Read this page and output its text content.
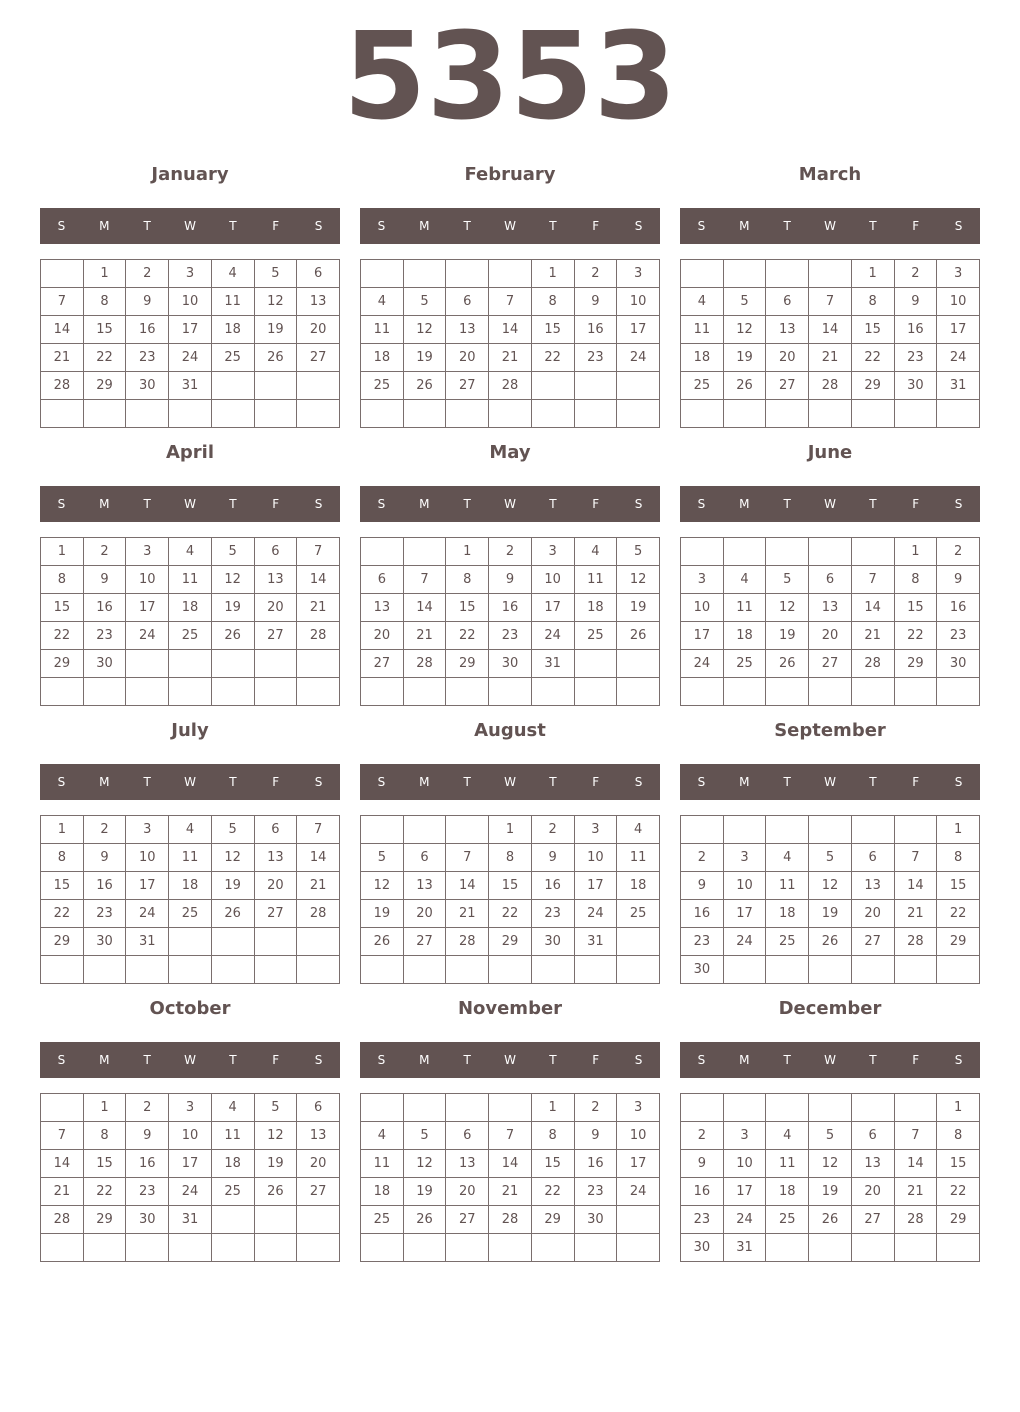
5353
January
S	M	T	W	T	F	S
	1	2	3	4	5	6
7	8	9	10	11	12	13
14	15	16	17	18	19	20
21	22	23	24	25	26	27
28	29	30	31			

February
S	M	T	W	T	F	S
				1	2	3
4	5	6	7	8	9	10
11	12	13	14	15	16	17
18	19	20	21	22	23	24
25	26	27	28			

March
S	M	T	W	T	F	S
				1	2	3
4	5	6	7	8	9	10
11	12	13	14	15	16	17
18	19	20	21	22	23	24
25	26	27	28	29	30	31

April
S	M	T	W	T	F	S
1	2	3	4	5	6	7
8	9	10	11	12	13	14
15	16	17	18	19	20	21
22	23	24	25	26	27	28
29	30					

May
S	M	T	W	T	F	S
		1	2	3	4	5
6	7	8	9	10	11	12
13	14	15	16	17	18	19
20	21	22	23	24	25	26
27	28	29	30	31		

June
S	M	T	W	T	F	S
					1	2
3	4	5	6	7	8	9
10	11	12	13	14	15	16
17	18	19	20	21	22	23
24	25	26	27	28	29	30

July
S	M	T	W	T	F	S
1	2	3	4	5	6	7
8	9	10	11	12	13	14
15	16	17	18	19	20	21
22	23	24	25	26	27	28
29	30	31				

August
S	M	T	W	T	F	S
			1	2	3	4
5	6	7	8	9	10	11
12	13	14	15	16	17	18
19	20	21	22	23	24	25
26	27	28	29	30	31	

September
S	M	T	W	T	F	S
						1
2	3	4	5	6	7	8
9	10	11	12	13	14	15
16	17	18	19	20	21	22
23	24	25	26	27	28	29
30						
October
S	M	T	W	T	F	S
	1	2	3	4	5	6
7	8	9	10	11	12	13
14	15	16	17	18	19	20
21	22	23	24	25	26	27
28	29	30	31			

November
S	M	T	W	T	F	S
				1	2	3
4	5	6	7	8	9	10
11	12	13	14	15	16	17
18	19	20	21	22	23	24
25	26	27	28	29	30	

December
S	M	T	W	T	F	S
						1
2	3	4	5	6	7	8
9	10	11	12	13	14	15
16	17	18	19	20	21	22
23	24	25	26	27	28	29
30	31					
